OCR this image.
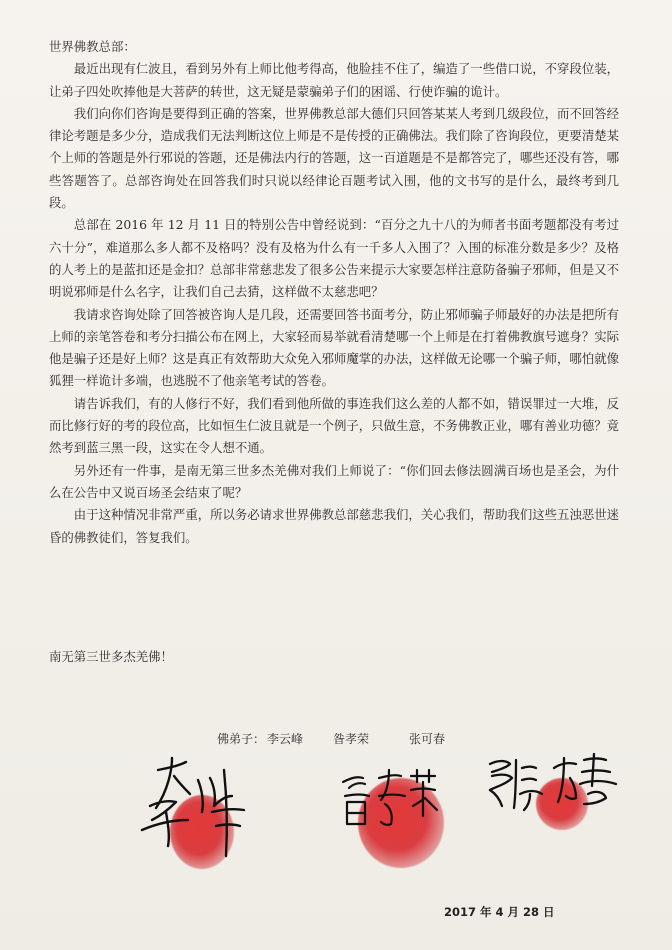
世界佛教总部：

最近出现有仁波且，看到另外有上师比他考得高，他脸挂不住了，编造了一些借口说，不穿段位装，让弟子四处吹捧他是大菩萨的转世，这无疑是蒙骗弟子们的困谣、行使诈骗的诡计。

我们向你们咨询是要得到正确的答案，世界佛教总部大德们只回答某某人考到几级段位，而不回答经律论考题是多少分，造成我们无法判断这位上师是不是传授的正确佛法。我们除了咨询段位，更要清楚某个上师的答题是外行邪说的答题，还是佛法内行的答题，这一百道题是不是都答完了，哪些还没有答，哪些答题答了。总部咨询处在回答我们时只说以经律论百题考试入围，他的文书写的是什么，最终考到几段。

总部在 2016 年 12 月 11 日的特别公告中曾经说到：“百分之九十八的为师者书面考题都没有考过六十分”，难道那么多人都不及格吗？没有及格为什么有一千多人入围了？入围的标准分数是多少？及格的人考上的是蓝扣还是金扣？总部非常慈悲发了很多公告来提示大家要怎样注意防备骗子邪师，但是又不明说邪师是什么名字，让我们自己去猜，这样做不太慈悲吧？

我请求咨询处除了回答被咨询人是几段，还需要回答书面考分，防止邪师骗子师最好的办法是把所有上师的亲笔答卷和考分扫描公布在网上，大家轻而易举就看清楚哪一个上师是在打着佛教旗号遮身？实际他是骗子还是好上师？这是真正有效帮助大众免入邪师魔掌的办法，这样做无论哪一个骗子师，哪怕就像狐狸一样诡计多端，也逃脱不了他亲笔考试的答卷。

请告诉我们，有的人修行不好，我们看到他所做的事连我们这么差的人都不如，错误罪过一大堆，反而比修行好的考的段位高，比如恒生仁波且就是一个例子，只做生意，不务佛教正业，哪有善业功德？竟然考到蓝三黑一段，这实在令人想不通。

另外还有一件事，是南无第三世多杰羌佛对我们上师说了：“你们回去修法圆满百场也是圣会，为什么在公告中又说百场圣会结束了呢？

由于这种情况非常严重，所以务必请求世界佛教总部慈悲我们，关心我们，帮助我们这些五浊恶世迷昏的佛教徒们，答复我们。

南无第三世多杰羌佛！
佛弟子： 李云峰	昝孝荣	张可春
2017 年 4 月 28 日
